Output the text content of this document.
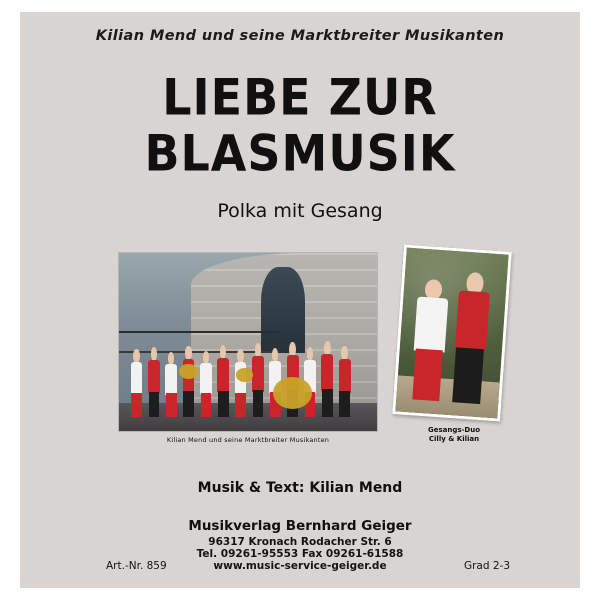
Kilian Mend und seine Marktbreiter Musikanten
LIEBE ZUR
BLASMUSIK
Polka mit Gesang
Kilian Mend und seine Marktbreiter Musikanten
Gesangs-Duo
Cilly & Kilian
Musik & Text: Kilian Mend
Musikverlag Bernhard Geiger
96317 Kronach Rodacher Str. 6
Tel. 09261-95553 Fax 09261-61588
www.music-service-geiger.de
Art.-Nr. 859	Grad 2-3
